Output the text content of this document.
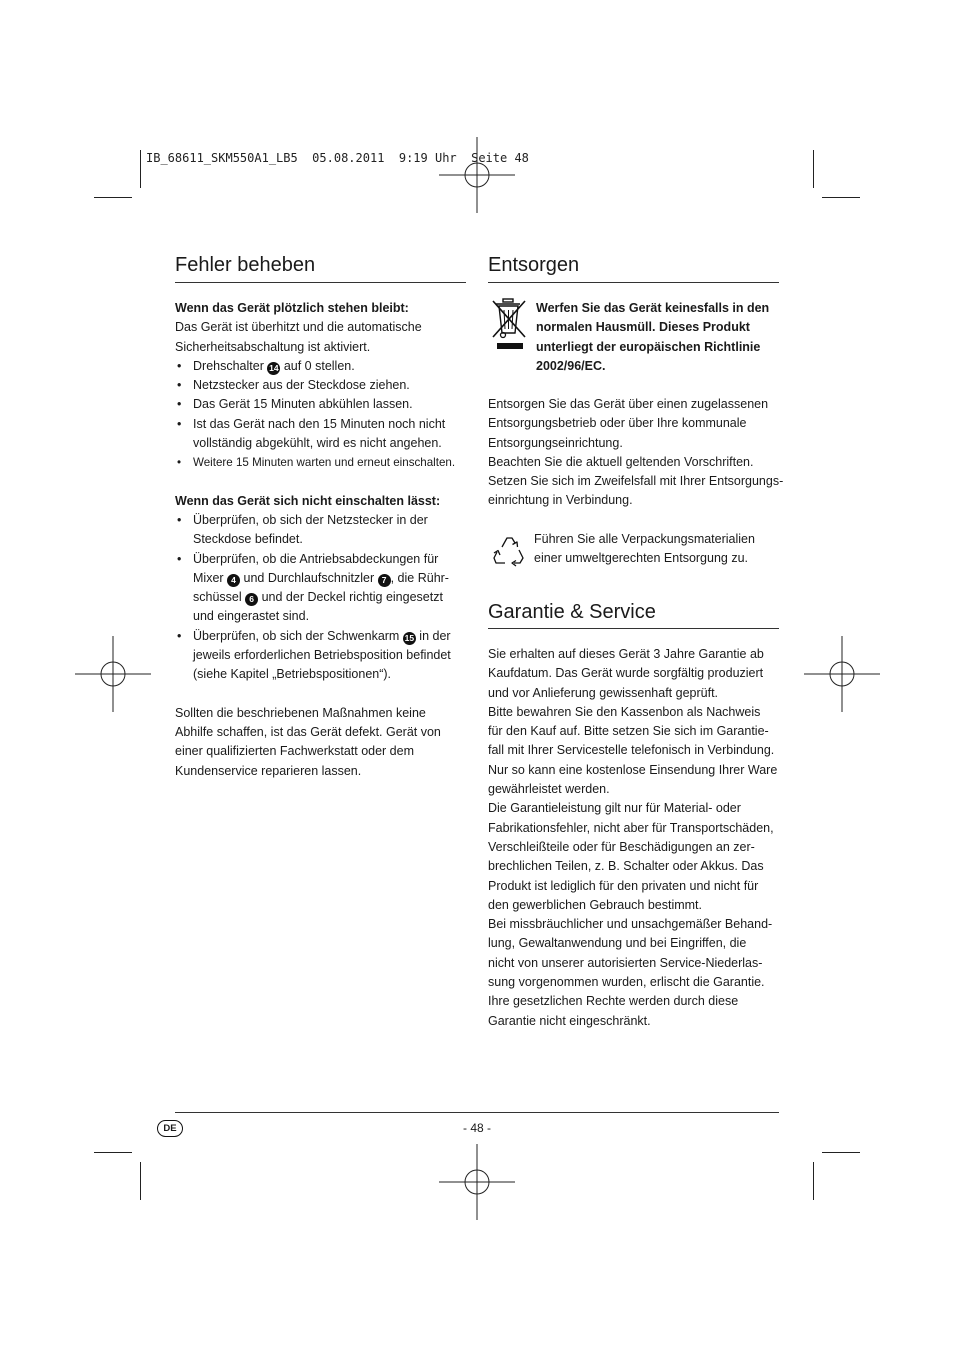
IB_68611_SKM550A1_LB5  05.08.2011  9:19 Uhr  Seite 48
Fehler beheben

Wenn das Gerät plötzlich stehen bleibt:

Das Gerät ist überhitzt und die automatische

Sicherheitsabschaltung ist aktiviert.

• Drehschalter 14 auf 0 stellen.
• Netzstecker aus der Steckdose ziehen.
• Das Gerät 15 Minuten abkühlen lassen.
• Ist das Gerät nach den 15 Minuten noch nicht
vollständig abgekühlt, wird es nicht angehen.
• Weitere 15 Minuten warten und erneut einschalten.

Wenn das Gerät sich nicht einschalten lässt:

• Überprüfen, ob sich der Netzstecker in der
Steckdose befindet.
• Überprüfen, ob die Antriebsabdeckungen für
Mixer 4 und Durchlaufschnitzler 7 , die Rühr-
schüssel 6 und der Deckel richtig eingesetzt
und eingerastet sind.
• Überprüfen, ob sich der Schwenkarm 15 in der
jeweils erforderlichen Betriebsposition befindet
(siehe Kapitel „Betriebspositionen“).

Sollten die beschriebenen Maßnahmen keine

Abhilfe schaffen, ist das Gerät defekt. Gerät von

einer qualifizierten Fachwerkstatt oder dem

Kundenservice reparieren lassen.

Entsorgen

Werfen Sie das Gerät keinesfalls in den

normalen Hausmüll. Dieses Produkt

unterliegt der europäischen Richtlinie

2002/96/EC.

Entsorgen Sie das Gerät über einen zugelassenen

Entsorgungsbetrieb oder über Ihre kommunale

Entsorgungseinrichtung.

Beachten Sie die aktuell geltenden Vorschriften.

Setzen Sie sich im Zweifelsfall mit Ihrer Entsorgungs-

einrichtung in Verbindung.

Führen Sie alle Verpackungsmaterialien

einer umweltgerechten Entsorgung zu.

Garantie & Service

Sie erhalten auf dieses Gerät 3 Jahre Garantie ab

Kaufdatum. Das Gerät wurde sorgfältig produziert

und vor Anlieferung gewissenhaft geprüft.

Bitte bewahren Sie den Kassenbon als Nachweis

für den Kauf auf. Bitte setzen Sie sich im Garantie-

fall mit Ihrer Servicestelle telefonisch in Verbindung.

Nur so kann eine kostenlose Einsendung Ihrer Ware

gewährleistet werden.

Die Garantieleistung gilt nur für Material- oder

Fabrikationsfehler, nicht aber für Transportschäden,

Verschleißteile oder für Beschädigungen an zer-

brechlichen Teilen, z. B. Schalter oder Akkus. Das

Produkt ist lediglich für den privaten und nicht für

den gewerblichen Gebrauch bestimmt.

Bei missbräuchlicher und unsachgemäßer Behand-

lung, Gewaltanwendung und bei Eingriffen, die

nicht von unserer autorisierten Service-Niederlas-

sung vorgenommen wurden, erlischt die Garantie.

Ihre gesetzlichen Rechte werden durch diese

Garantie nicht eingeschränkt.

DE	- 48 -
